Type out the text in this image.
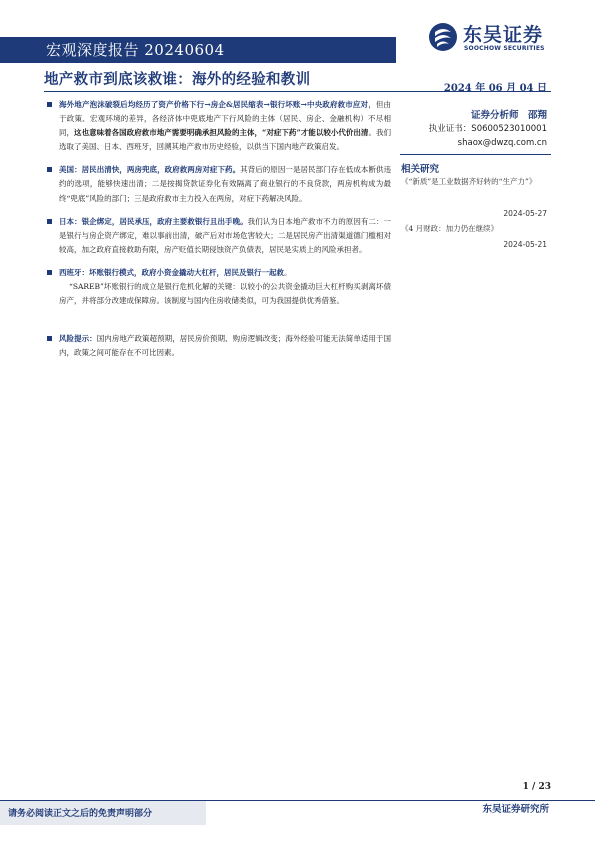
宏观深度报告 20240604
东吴证券
SOOCHOW SECURITIES
地产救市到底该救谁：海外的经验和教训
2024 年 06 月 04 日
证券分析师　邵翔
执业证书：S0600523010001
shaox@dwzq.com.cn
相关研究
《“新质”是工业数据齐好转的“生产力”》
2024-05-27
《4 月财政：加力仍在继续》
2024-05-21
海外地产泡沫破裂后均经历了资产价格下行→房企&居民缩表→银行坏账→中央政府救市应对，但由于政策、宏观环境的差异，各经济体中兜底地产下行风险的主体（居民、房企、金融机构）不尽相同，这也意味着各国政府救市地产需要明确承担风险的主体，“对症下药”才能以较小代价出清。我们选取了美国、日本、西班牙，回溯其地产救市历史经验，以供当下国内地产政策启发。
美国：居民出清快，两房兜底，政府救两房对症下药。其背后的原因一是居民部门存在低成本断供违约的选项，能够快速出清；二是按揭贷款证券化有效隔离了商业银行的不良贷款，两房机构成为最终“兜底”风险的部门；三是政府救市主力投入在两房，对症下药解决风险。
日本：银企绑定，居民承压，政府主要救银行且出手晚。我们认为日本地产救市不力的原因有二：一是银行与房企资产绑定，难以事前出清，破产后对市场危害较大；二是居民房产出清渠道德门槛相对较高，加之政府直接救助有限，房产贬值长期侵蚀资产负债表，居民是实质上的风险承担者。
西班牙：坏账银行模式，政府小资金撬动大杠杆，居民及银行一起救。
“SAREB”坏账银行的成立是银行危机化解的关键：以较小的公共资金撬动巨大杠杆购买剥离坏债房产，并将部分改建成保障房。该制度与国内住房收储类似，可为我国提供优秀借鉴。
风险提示：国内房地产政策超预期，居民房价预期、购房逻辑改变；海外经验可能无法简单适用于国内，政策之间可能存在不可比因素。
1 / 23
请务必阅读正文之后的免责声明部分	东吴证券研究所
